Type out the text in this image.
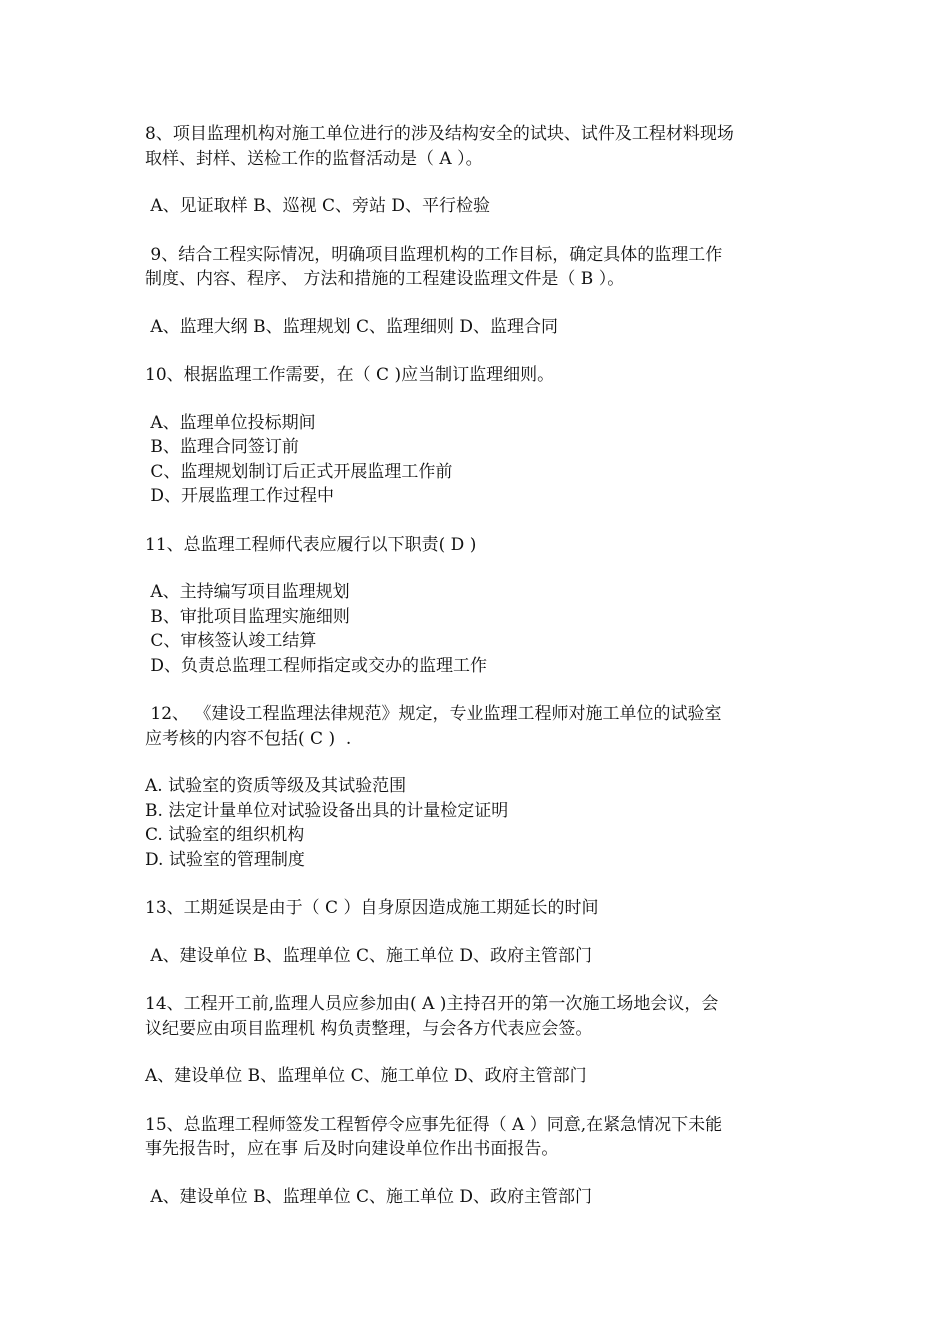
8、项目监理机构对施工单位进行的涉及结构安全的试块、试件及工程材料现场
取样、封样、送检工作的监督活动是（ A ）。
A、见证取样 B、巡视 C、旁站 D、平行检验
9、结合工程实际情况，明确项目监理机构的工作目标，确定具体的监理工作
制度、内容、程序、 方法和措施的工程建设监理文件是（ B ）。
A、监理大纲 B、监理规划 C、监理细则 D、监理合同
10、根据监理工作需要，在（ C )应当制订监理细则。
A、监理单位投标期间
B、监理合同签订前
C、监理规划制订后正式开展监理工作前
D、开展监理工作过程中
11、总监理工程师代表应履行以下职责( D )
A、主持编写项目监理规划
B、审批项目监理实施细则
C、审核签认竣工结算
D、负责总监理工程师指定或交办的监理工作
12、 《建设工程监理法律规范》规定，专业监理工程师对施工单位的试验室
应考核的内容不包括( C )  .
A. 试验室的资质等级及其试验范围
B. 法定计量单位对试验设备出具的计量检定证明
C. 试验室的组织机构
D. 试验室的管理制度
13、工期延误是由于（ C ）自身原因造成施工期延长的时间
A、建设单位 B、监理单位 C、施工单位 D、政府主管部门
14、工程开工前,监理人员应参加由( A )主持召开的第一次施工场地会议，会
议纪要应由项目监理机 构负责整理，与会各方代表应会签。
A、建设单位 B、监理单位 C、施工单位 D、政府主管部门
15、总监理工程师签发工程暂停令应事先征得（ A ）同意,在紧急情况下未能
事先报告时，应在事 后及时向建设单位作出书面报告。
A、建设单位 B、监理单位 C、施工单位 D、政府主管部门
